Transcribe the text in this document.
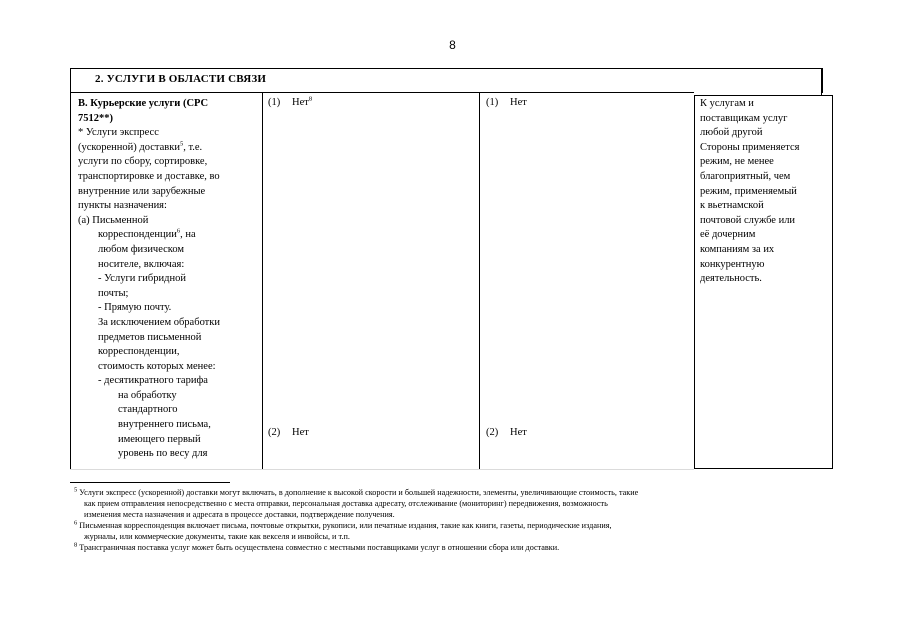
8
2. УСЛУГИ В ОБЛАСТИ СВЯЗИ
B. Курьерские услуги (CPC
7512**)
* Услуги экспресс
(ускоренной) доставки$^5$, т.е.
услуги по сбору, сортировке,
транспортировке и доставке, во
внутренние или зарубежные
пункты назначения:
(a) Письменной
корреспонденции$^6$, на
любом физическом
носителе, включая:
- Услуги гибридной
почты;
- Прямую почту.
За исключением обработки
предметов письменной
корреспонденции,
стоимость которых менее:
- десятикратного тарифа
на обработку
стандартного
внутреннего письма,
имеющего первый
уровень по весу для
(1) Нет$^8$
(2) Нет
(1) Нет
(2) Нет
К услугам и
поставщикам услуг
любой другой
Стороны применяется
режим, не менее
благоприятный, чем
режим, применяемый
к вьетнамской
почтовой службе или
её дочерним
компаниям за их
конкурентную
деятельность.
$^5$ Услуги экспресс (ускоренной) доставки могут включать, в дополнение к высокой скорости и большей надежности, элементы, увеличивающие стоимость, такие
как прием отправления непосредственно с места отправки, персональная доставка адресату, отслеживание (мониторинг) передвижения, возможность
изменения места назначения и адресата в процессе доставки, подтверждение получения.
$^6$ Письменная корреспонденция включает письма, почтовые открытки, рукописи, или печатные издания, такие как книги, газеты, периодические издания,
журналы, или коммерческие документы, такие как векселя и инвойсы, и т.п.
$^8$ Трансграничная поставка услуг может быть осуществлена совместно с местными поставщиками услуг в отношении сбора или доставки.
